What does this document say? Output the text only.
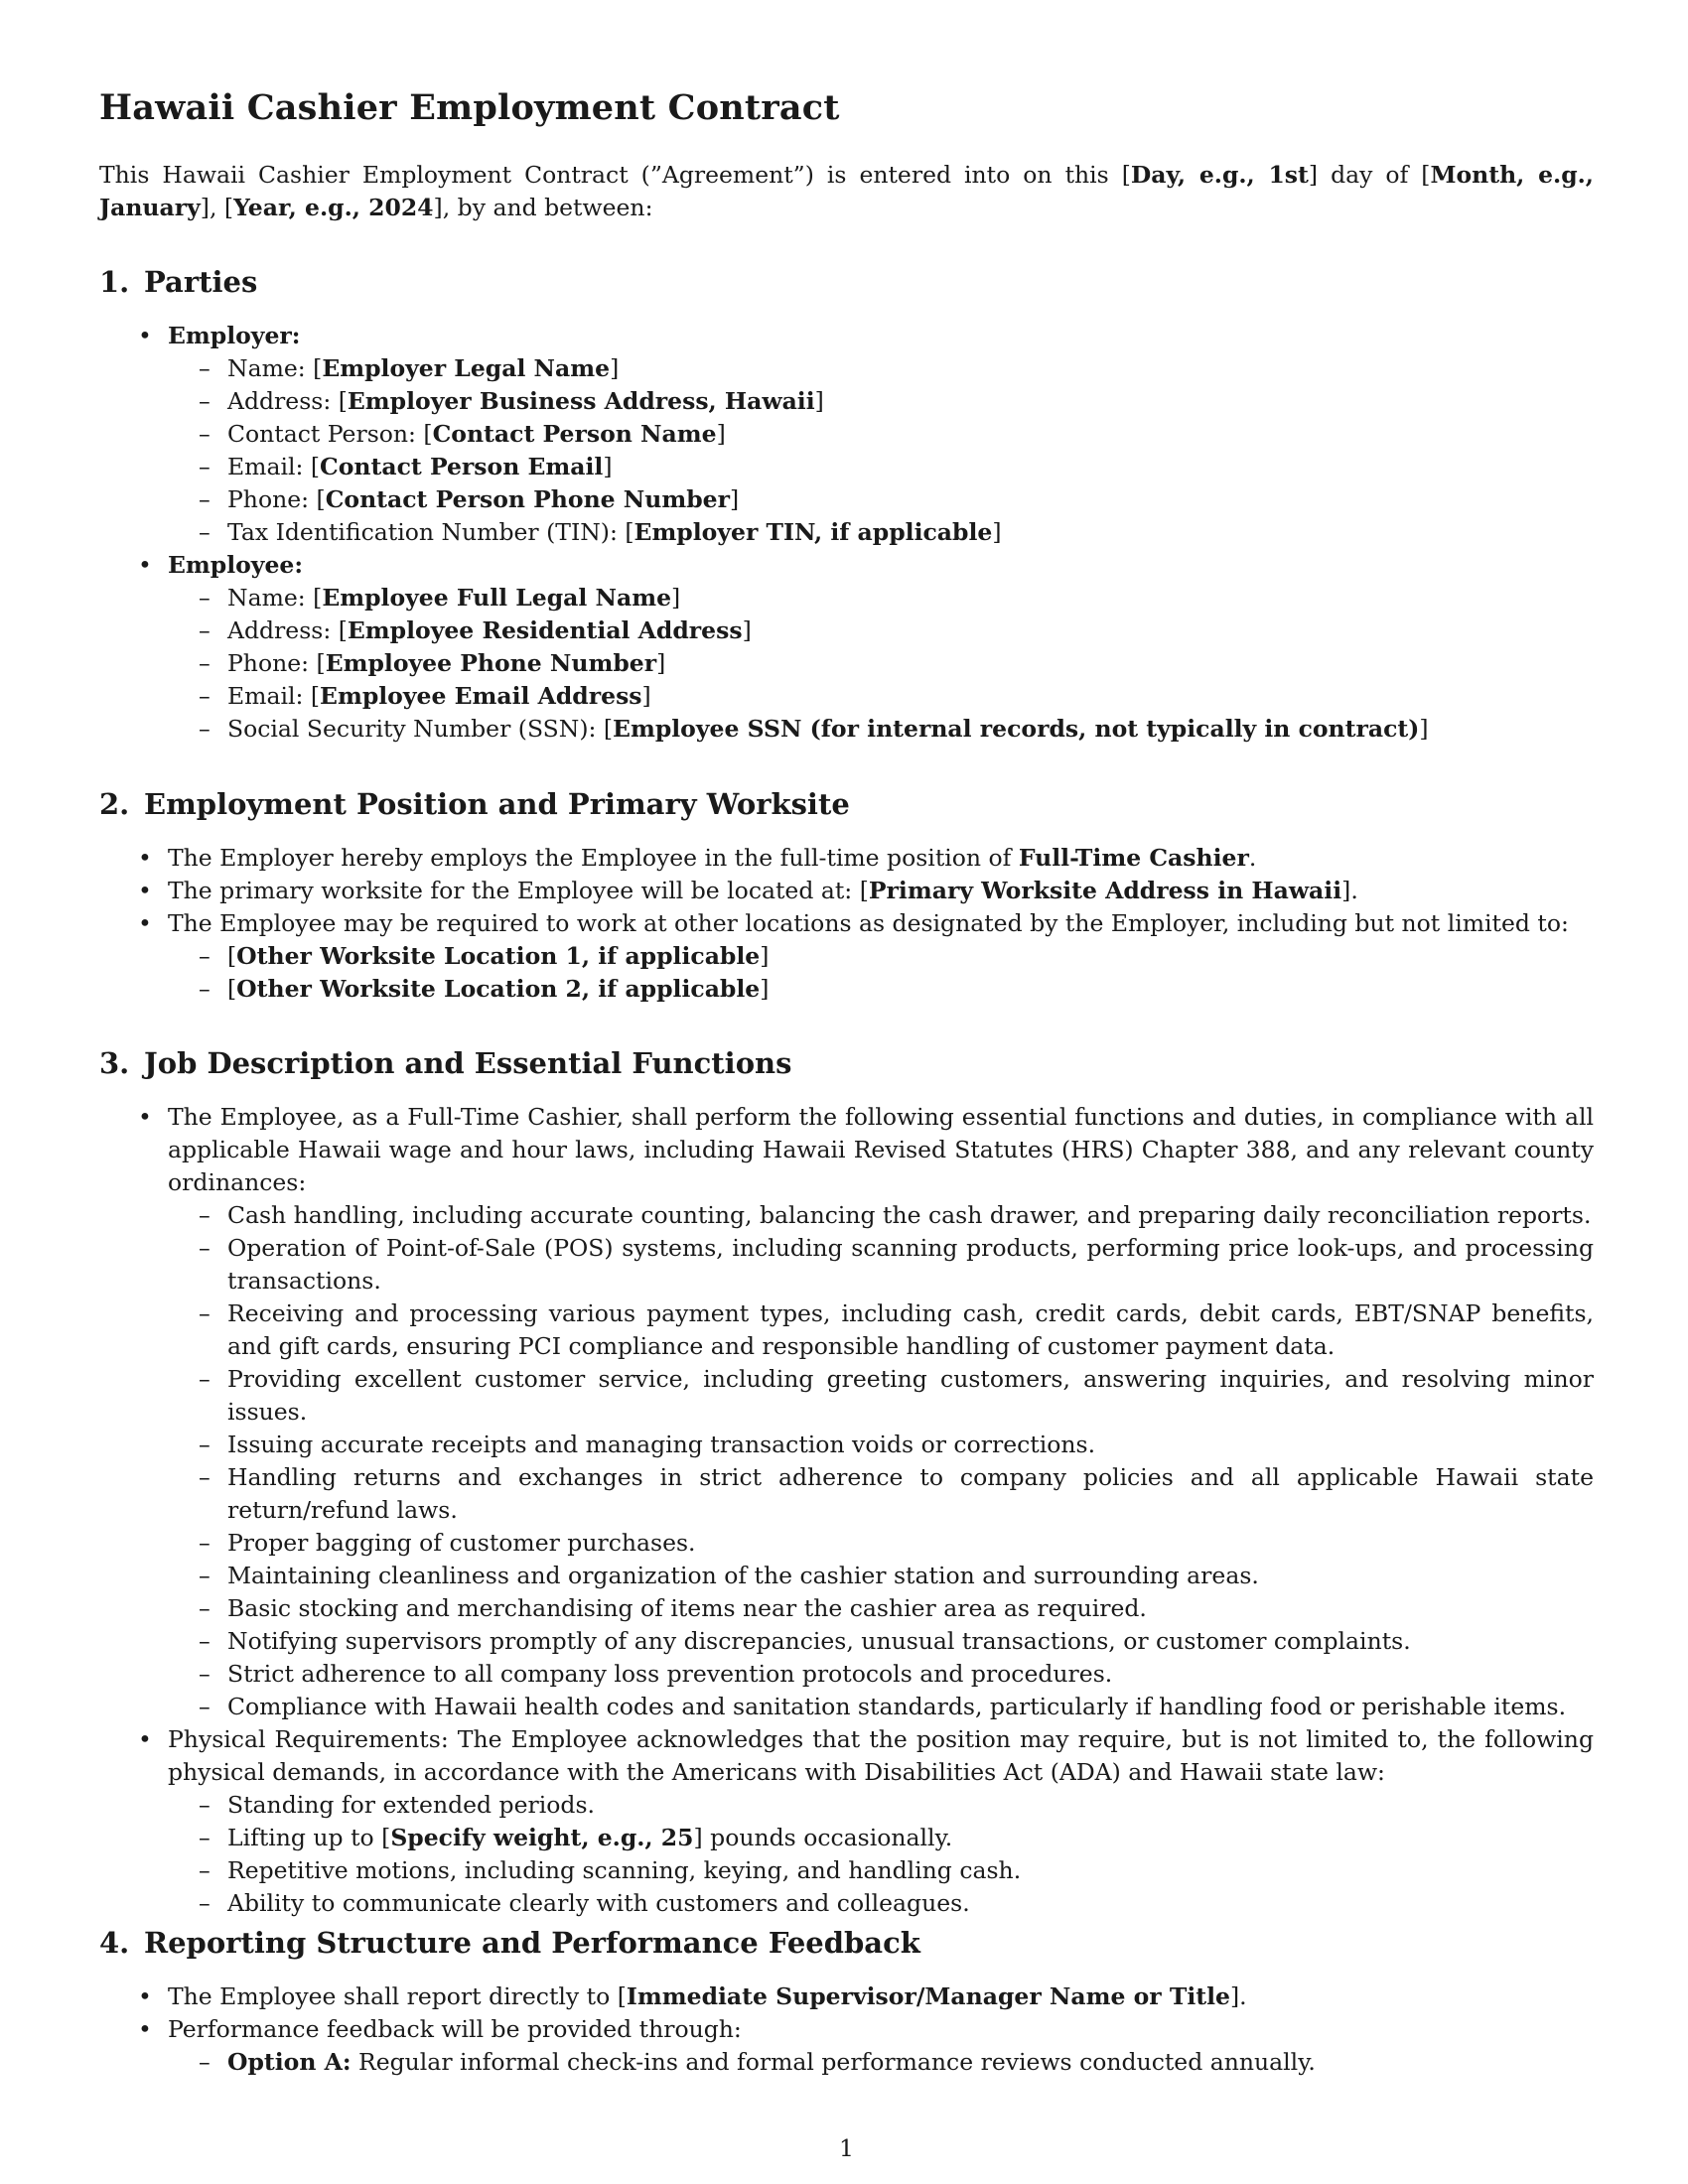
Hawaii Cashier Employment Contract

This Hawaii Cashier Employment Contract (”Agreement”) is entered into on this [Day, e.g., 1st] day of [Month, e.g., January], [Year, e.g., 2024], by and between:

1. Parties
• Employer:
– Name: [Employer Legal Name]
– Address: [Employer Business Address, Hawaii]
– Contact Person: [Contact Person Name]
– Email: [Contact Person Email]
– Phone: [Contact Person Phone Number]
– Tax Identification Number (TIN): [Employer TIN, if applicable]
• Employee:
– Name: [Employee Full Legal Name]
– Address: [Employee Residential Address]
– Phone: [Employee Phone Number]
– Email: [Employee Email Address]
– Social Security Number (SSN): [Employee SSN (for internal records, not typically in contract)]
2. Employment Position and Primary Worksite
• The Employer hereby employs the Employee in the full-time position of Full-Time Cashier.
• The primary worksite for the Employee will be located at: [Primary Worksite Address in Hawaii].
• The Employee may be required to work at other locations as designated by the Employer, including but not limited to:
– [Other Worksite Location 1, if applicable]
– [Other Worksite Location 2, if applicable]
3. Job Description and Essential Functions
• The Employee, as a Full-Time Cashier, shall perform the following essential functions and duties, in compliance with all applicable Hawaii wage and hour laws, including Hawaii Revised Statutes (HRS) Chapter 388, and any relevant county ordinances:
– Cash handling, including accurate counting, balancing the cash drawer, and preparing daily reconciliation reports.
– Operation of Point-of-Sale (POS) systems, including scanning products, performing price look-ups, and processing transactions.
– Receiving and processing various payment types, including cash, credit cards, debit cards, EBT/SNAP benefits, and gift cards, ensuring PCI compliance and responsible handling of customer payment data.
– Providing excellent customer service, including greeting customers, answering inquiries, and resolving minor issues.
– Issuing accurate receipts and managing transaction voids or corrections.
– Handling returns and exchanges in strict adherence to company policies and all applicable Hawaii state return/refund laws.
– Proper bagging of customer purchases.
– Maintaining cleanliness and organization of the cashier station and surrounding areas.
– Basic stocking and merchandising of items near the cashier area as required.
– Notifying supervisors promptly of any discrepancies, unusual transactions, or customer complaints.
– Strict adherence to all company loss prevention protocols and procedures.
– Compliance with Hawaii health codes and sanitation standards, particularly if handling food or perishable items.
• Physical Requirements: The Employee acknowledges that the position may require, but is not limited to, the following physical demands, in accordance with the Americans with Disabilities Act (ADA) and Hawaii state law:
– Standing for extended periods.
– Lifting up to [Specify weight, e.g., 25] pounds occasionally.
– Repetitive motions, including scanning, keying, and handling cash.
– Ability to communicate clearly with customers and colleagues.
4. Reporting Structure and Performance Feedback
• The Employee shall report directly to [Immediate Supervisor/Manager Name or Title].
• Performance feedback will be provided through:
– Option A: Regular informal check-ins and formal performance reviews conducted annually.
1
